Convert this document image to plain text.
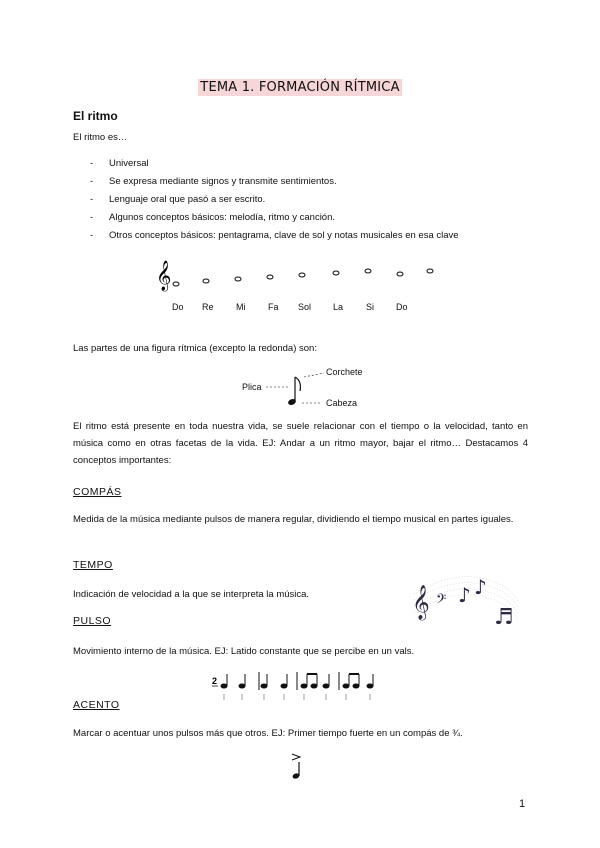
TEMA 1. FORMACIÓN RÍTMICA
El ritmo
El ritmo es…
- Universal
- Se expresa mediante signos y transmite sentimientos.
- Lenguaje oral que pasó a ser escrito.
- Algunos conceptos básicos: melodía, ritmo y canción.
- Otros conceptos básicos: pentagrama, clave de sol y notas musicales en esa clave
𝄞
Do Re Mi	Fa Sol La	Si Do
Las partes de una figura rítmica (excepto la redonda) son:
Plica
Corchete
Cabeza
El ritmo está presente en toda nuestra vida, se suele relacionar con el tiempo o la velocidad, tanto en música como en otras facetas de la vida. EJ: Andar a un ritmo mayor, bajar el ritmo… Destacamos 4 conceptos importantes:
COMPÁS
Medida de la música mediante pulsos de manera regular, dividiendo el tiempo musical en partes iguales.
TEMPO
Indicación de velocidad a la que se interpreta la música.	𝄞 𝄢 ♪ ♪
♬
PULSO
Movimiento interno de la música. EJ: Latido constante que se percibe en un vals.
2
ACENTO
Marcar o acentuar unos pulsos más que otros. EJ: Primer tiempo fuerte en un compás de ¾.
1
